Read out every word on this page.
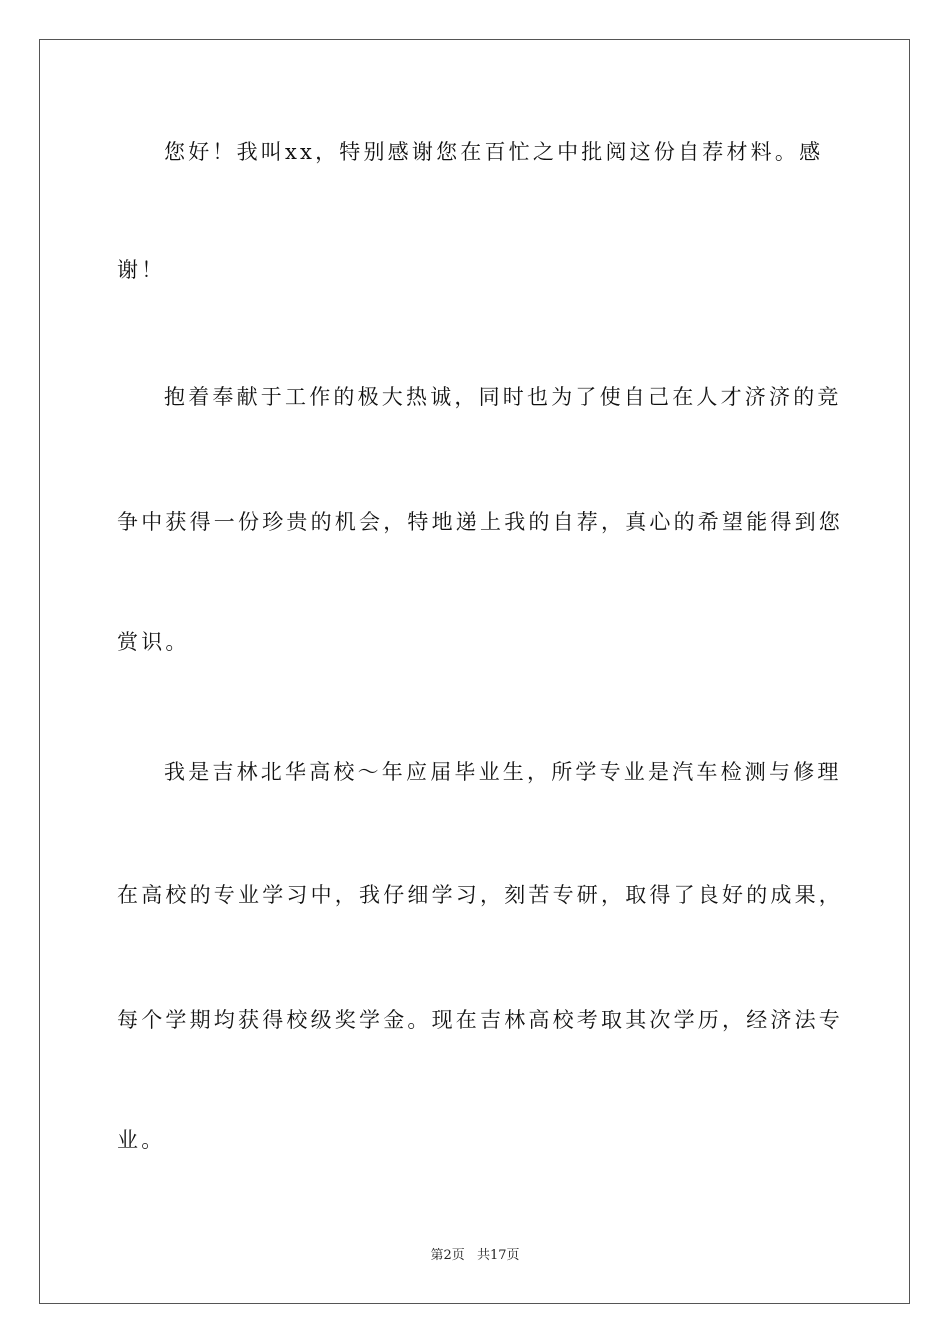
您好！我叫xx，特别感谢您在百忙之中批阅这份自荐材料。感
谢！
抱着奉献于工作的极大热诚，同时也为了使自己在人才济济的竞
争中获得一份珍贵的机会，特地递上我的自荐，真心的希望能得到您
赏识。
我是吉林北华高校～年应届毕业生，所学专业是汽车检测与修理
在高校的专业学习中，我仔细学习，刻苦专研，取得了良好的成果，
每个学期均获得校级奖学金。现在吉林高校考取其次学历，经济法专
业。
第2页 共17页
